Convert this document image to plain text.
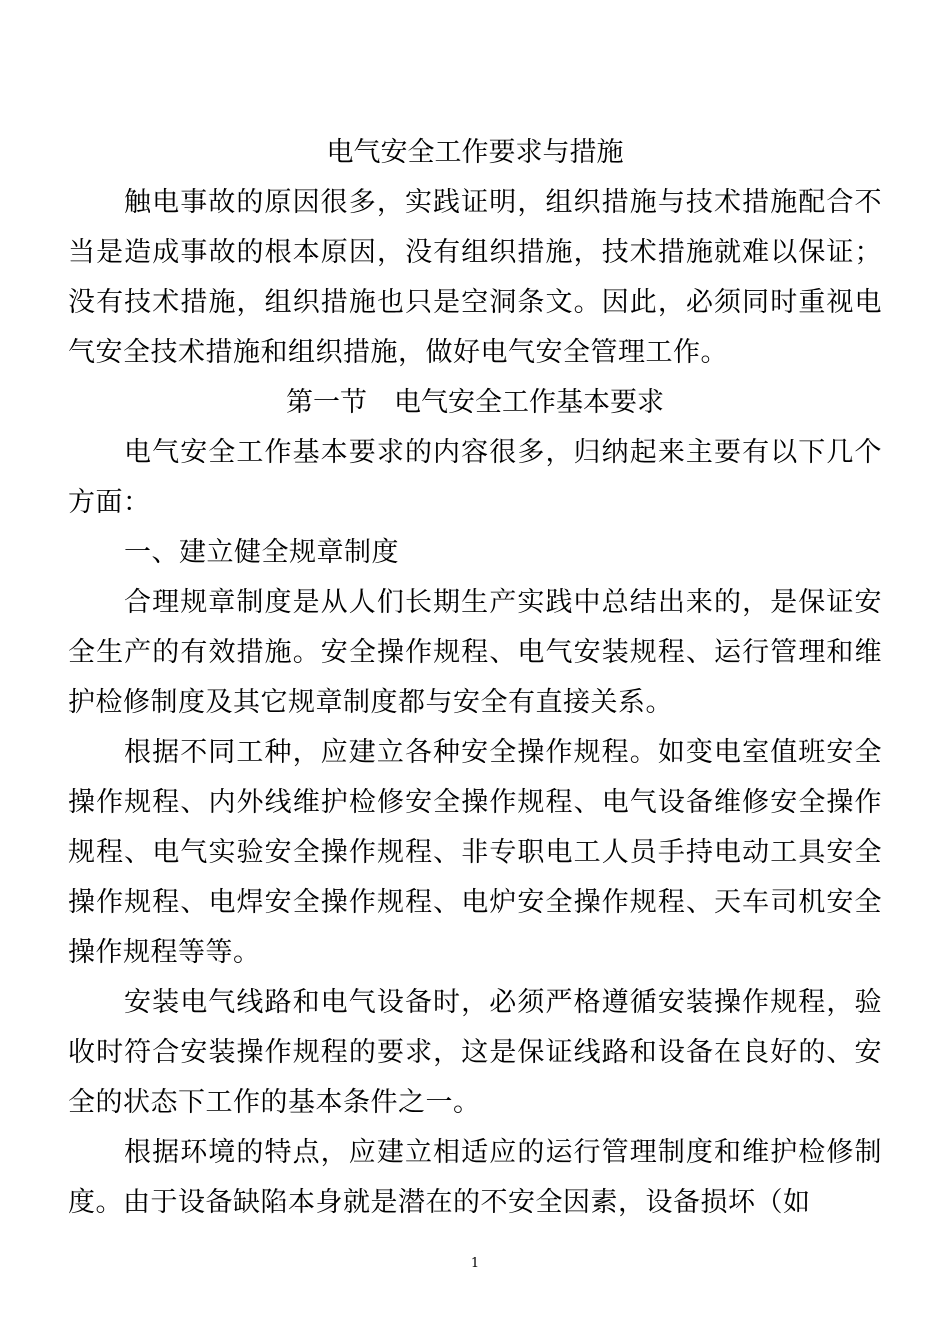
电气安全工作要求与措施

触电事故的原因很多，实践证明，组织措施与技术措施配合不当是造成事故的根本原因，没有组织措施，技术措施就难以保证；没有技术措施，组织措施也只是空洞条文。因此，必须同时重视电气安全技术措施和组织措施，做好电气安全管理工作。

第一节　电气安全工作基本要求

电气安全工作基本要求的内容很多，归纳起来主要有以下几个方面：

一、建立健全规章制度

合理规章制度是从人们长期生产实践中总结出来的，是保证安全生产的有效措施。安全操作规程、电气安装规程、运行管理和维护检修制度及其它规章制度都与安全有直接关系。

根据不同工种，应建立各种安全操作规程。如变电室值班安全操作规程、内外线维护检修安全操作规程、电气设备维修安全操作规程、电气实验安全操作规程、非专职电工人员手持电动工具安全操作规程、电焊安全操作规程、电炉安全操作规程、天车司机安全操作规程等等。

安装电气线路和电气设备时，必须严格遵循安装操作规程，验收时符合安装操作规程的要求，这是保证线路和设备在良好的、安全的状态下工作的基本条件之一。

根据环境的特点，应建立相适应的运行管理制度和维护检修制度。由于设备缺陷本身就是潜在的不安全因素，设备损坏（如

1
